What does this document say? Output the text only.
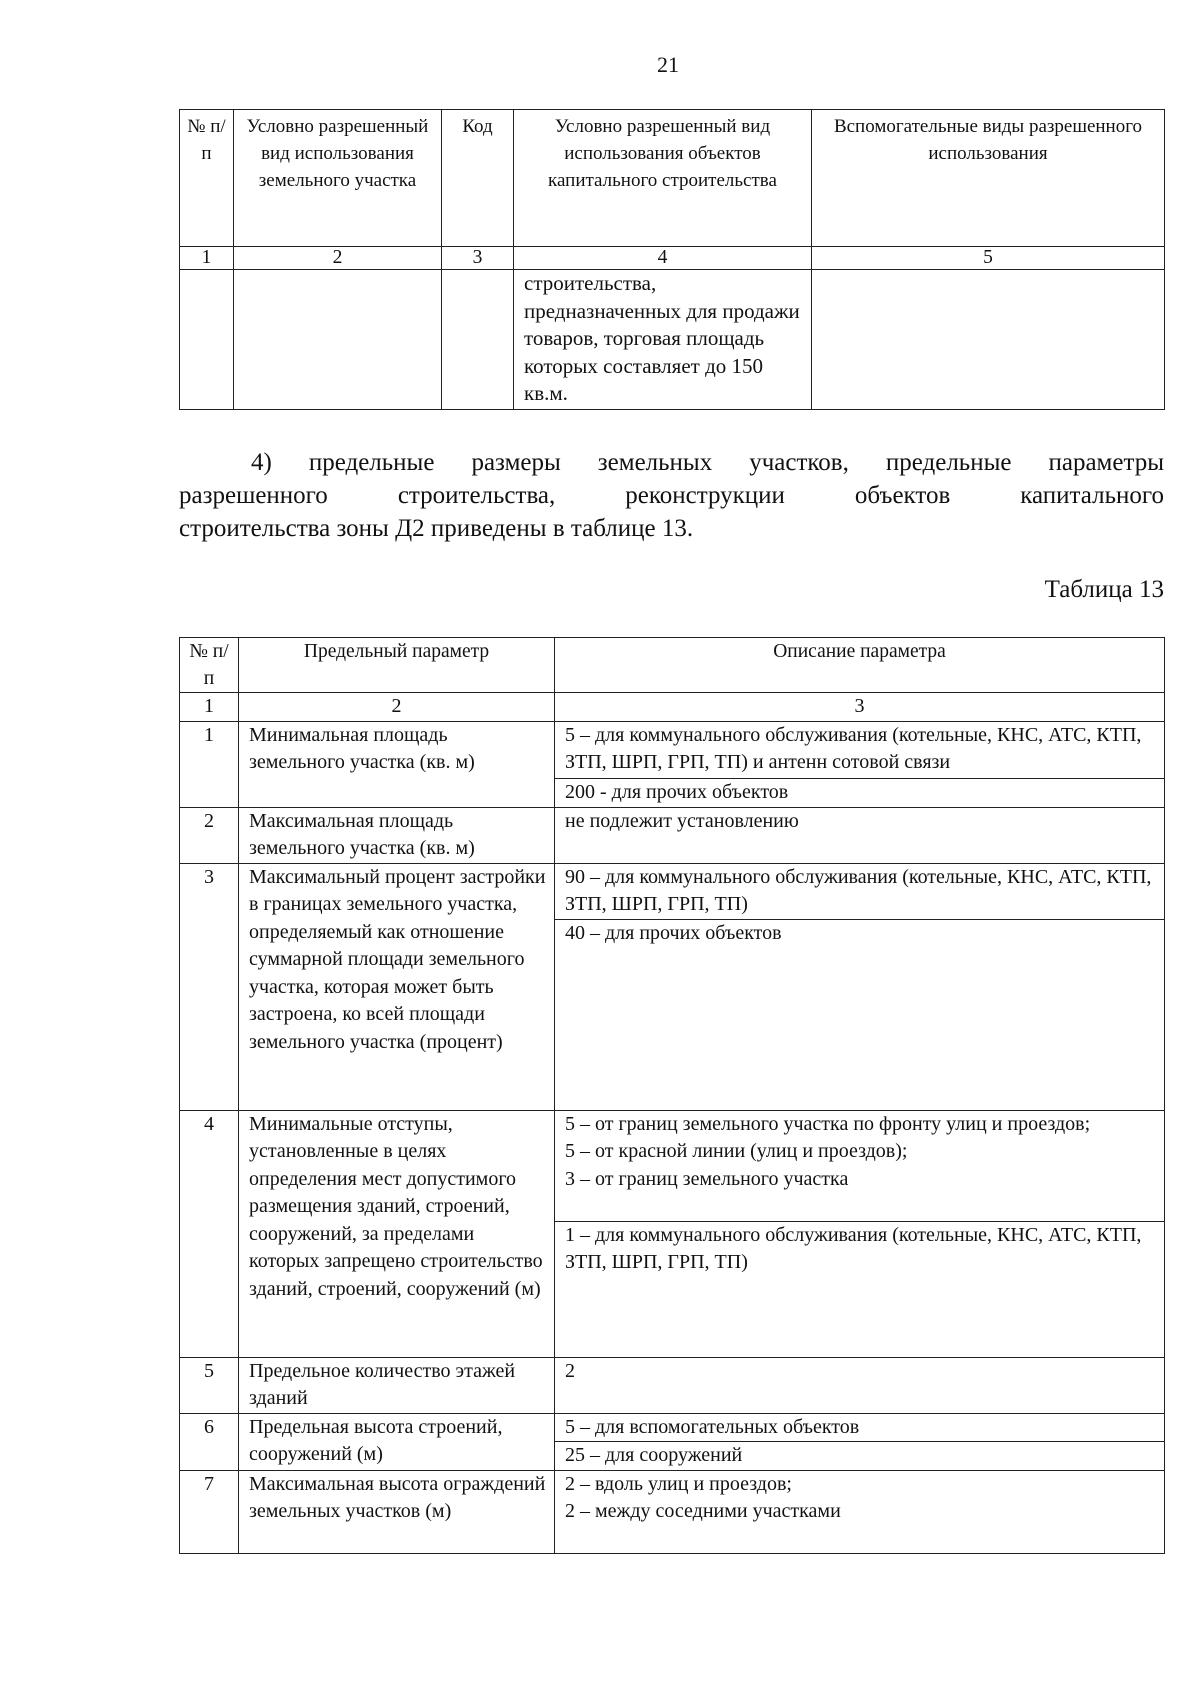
21
№ п/п	Условно разрешенный вид использования земельного участка	Код	Условно разрешенный вид использования объектов капитального строительства	Вспомогательные виды разрешенного использования
1	2	3	4	5
			строительства, предназначенных для продажи товаров, торговая площадь которых составляет до 150 кв.м.	
4) предельные размеры земельных участков, предельные параметры
разрешенного строительства, реконструкции объектов капитального
строительства зоны Д2 приведены в таблице 13.
Таблица 13
№ п/п	Предельный параметр	Описание параметра
1	2	3
1	Минимальная площадь земельного участка (кв. м)	5 – для коммунального обслуживания (котельные, КНС, АТС, КТП, ЗТП, ШРП, ГРП, ТП) и антенн сотовой связи
		200 - для прочих объектов
2	Максимальная площадь земельного участка (кв. м)	не подлежит установлению
3	Максимальный процент застройки в границах земельного участка, определяемый как отношение суммарной площади земельного участка, которая может быть застроена, ко всей площади земельного участка (процент)	90 – для коммунального обслуживания (котельные, КНС, АТС, КТП, ЗТП, ШРП, ГРП, ТП)
		40 – для прочих объектов
4	Минимальные отступы, установленные в целях определения мест допустимого размещения зданий, строений, сооружений, за пределами которых запрещено строительство зданий, строений, сооружений (м)	5 – от границ земельного участка по фронту улиц и проездов;
5 – от красной линии (улиц и проездов);
3 – от границ земельного участка
		1 – для коммунального обслуживания (котельные, КНС, АТС, КТП, ЗТП, ШРП, ГРП, ТП)
5	Предельное количество этажей зданий	2
6	Предельная высота строений, сооружений (м)	5 – для вспомогательных объектов
		25 – для сооружений
7	Максимальная высота ограждений земельных участков (м)	2 – вдоль улиц и проездов;
2 – между соседними участками
